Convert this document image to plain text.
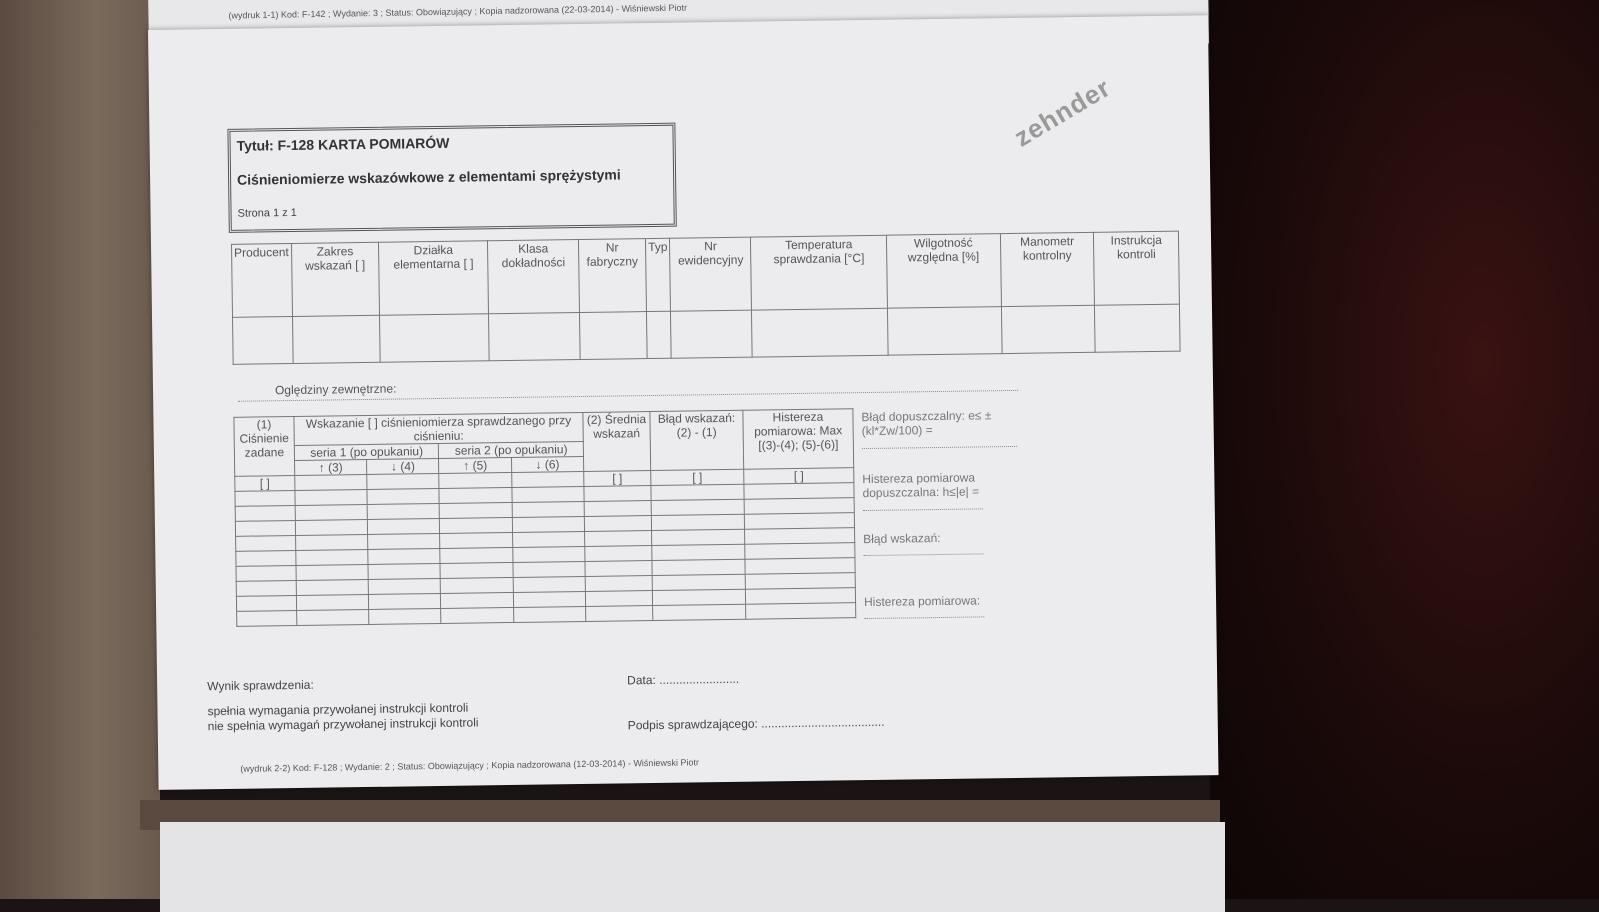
(wydruk 1-1) Kod: F-142 ; Wydanie: 3 ; Status: Obowiązujący ; Kopia nadzorowana (22-03-2014) - Wiśniewski Piotr
Tytuł: F-128 KARTA POMIARÓW
Ciśnieniomierze wskazówkowe z elementami sprężystymi
Strona 1 z 1
zehnder
Producent	Zakres wskazań [ ]	Działka elementarna [ ]	Klasa dokładności	Nr fabryczny	Typ	Nr ewidencyjny	Temperatura sprawdzania [°C]	Wilgotność względna [%]	Manometr kontrolny	Instrukcja kontroli

Oględziny zewnętrzne:
(1) Ciśnienie zadane	Wskazanie [ ] ciśnieniomierza sprawdzanego przy ciśnieniu:				(2) Średnia wskazań	Błąd wskazań: (2) - (1)	Histereza pomiarowa: Max [(3)-(4); (5)-(6)]
	seria 1 (po opukaniu)		seria 2 (po opukaniu)				
	↑ (3)	↓ (4)	↑ (5)	↓ (6)			
[ ]					[ ]	[ ]	[ ]

Błąd dopuszczalny: e≤ ±(kl*Zw/100) =
Histereza pomiarowa dopuszczalna: h≤|e| =
Błąd wskazań:
Histereza pomiarowa:
Wynik sprawdzenia:	Data: ........................
spełnia wymagania przywołanej instrukcji kontroli
nie spełnia wymagań przywołanej instrukcji kontroli	Podpis sprawdzającego: .....................................
(wydruk 2-2) Kod: F-128 ; Wydanie: 2 ; Status: Obowiązujący ; Kopia nadzorowana (12-03-2014) - Wiśniewski Piotr
